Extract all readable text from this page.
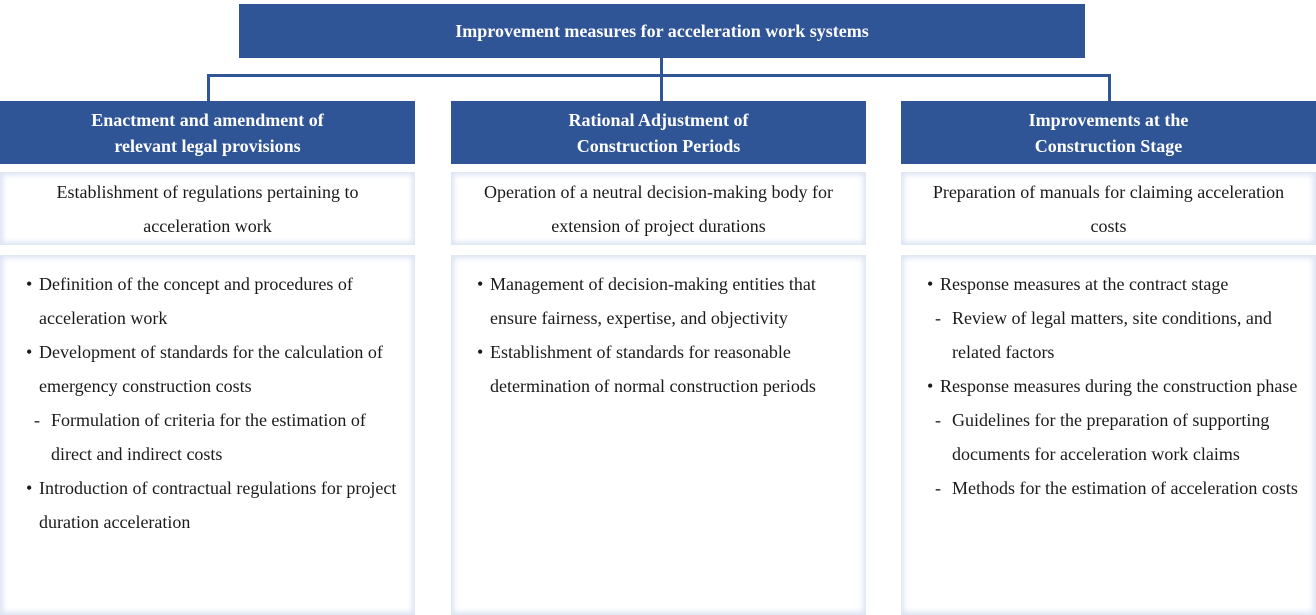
Improvement measures for acceleration work systems
Enactment and amendment of
relevant legal provisions
Establishment of regulations pertaining to acceleration work
• Definition of the concept and procedures of acceleration work
• Development of standards for the calculation of emergency construction costs
- Formulation of criteria for the estimation of direct and indirect costs
• Introduction of contractual regulations for project duration acceleration
Rational Adjustment of
Construction Periods
Operation of a neutral decision-making body for extension of project durations
• Management of decision-making entities that ensure fairness, expertise, and objectivity
• Establishment of standards for reasonable determination of normal construction periods
Improvements at the
Construction Stage
Preparation of manuals for claiming acceleration costs
• Response measures at the contract stage
- Review of legal matters, site conditions, and related factors
• Response measures during the construction phase
- Guidelines for the preparation of supporting documents for acceleration work claims
- Methods for the estimation of acceleration costs
